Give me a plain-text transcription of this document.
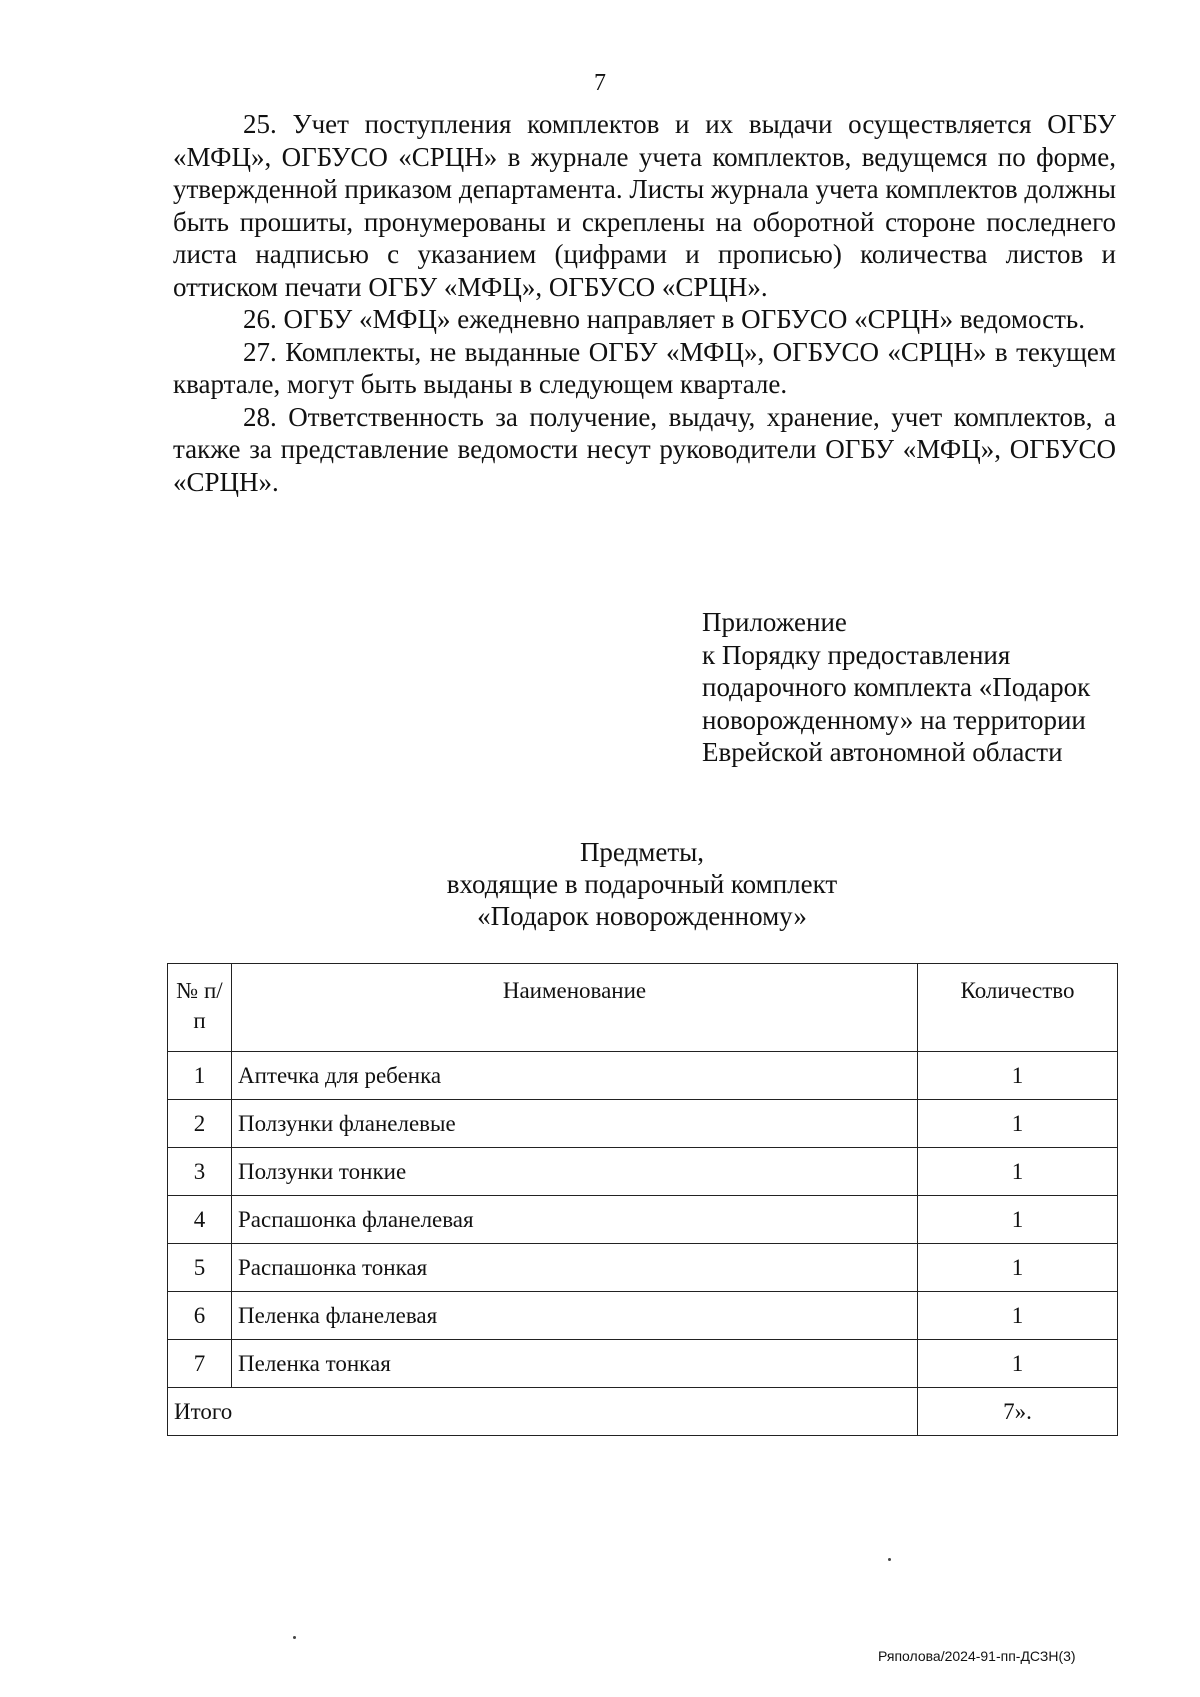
7

25. Учет поступления комплектов и их выдачи осуществляется ОГБУ «МФЦ», ОГБУСО «СРЦН» в журнале учета комплектов, ведущемся по форме, утвержденной приказом департамента. Листы журнала учета комплектов должны быть прошиты, пронумерованы и скреплены на оборотной стороне последнего листа надписью с указанием (цифрами и прописью) количества листов и оттиском печати ОГБУ «МФЦ», ОГБУСО «СРЦН».

26. ОГБУ «МФЦ» ежедневно направляет в ОГБУСО «СРЦН» ведомость.

27. Комплекты, не выданные ОГБУ «МФЦ», ОГБУСО «СРЦН» в текущем квартале, могут быть выданы в следующем квартале.

28. Ответственность за получение, выдачу, хранение, учет комплектов, а также за представление ведомости несут руководители ОГБУ «МФЦ», ОГБУСО «СРЦН».

Приложение
к Порядку предоставления
подарочного комплекта «Подарок
новорожденному» на территории
Еврейской автономной области
Предметы,
входящие в подарочный комплект
«Подарок новорожденному»
№ п/п	Наименование	Количество
1	Аптечка для ребенка	1
2	Ползунки фланелевые	1
3	Ползунки тонкие	1
4	Распашонка фланелевая	1
5	Распашонка тонкая	1
6	Пеленка фланелевая	1
7	Пеленка тонкая	1
Итого		7».
Ряполова/2024-91-пп-ДСЗН(3)
